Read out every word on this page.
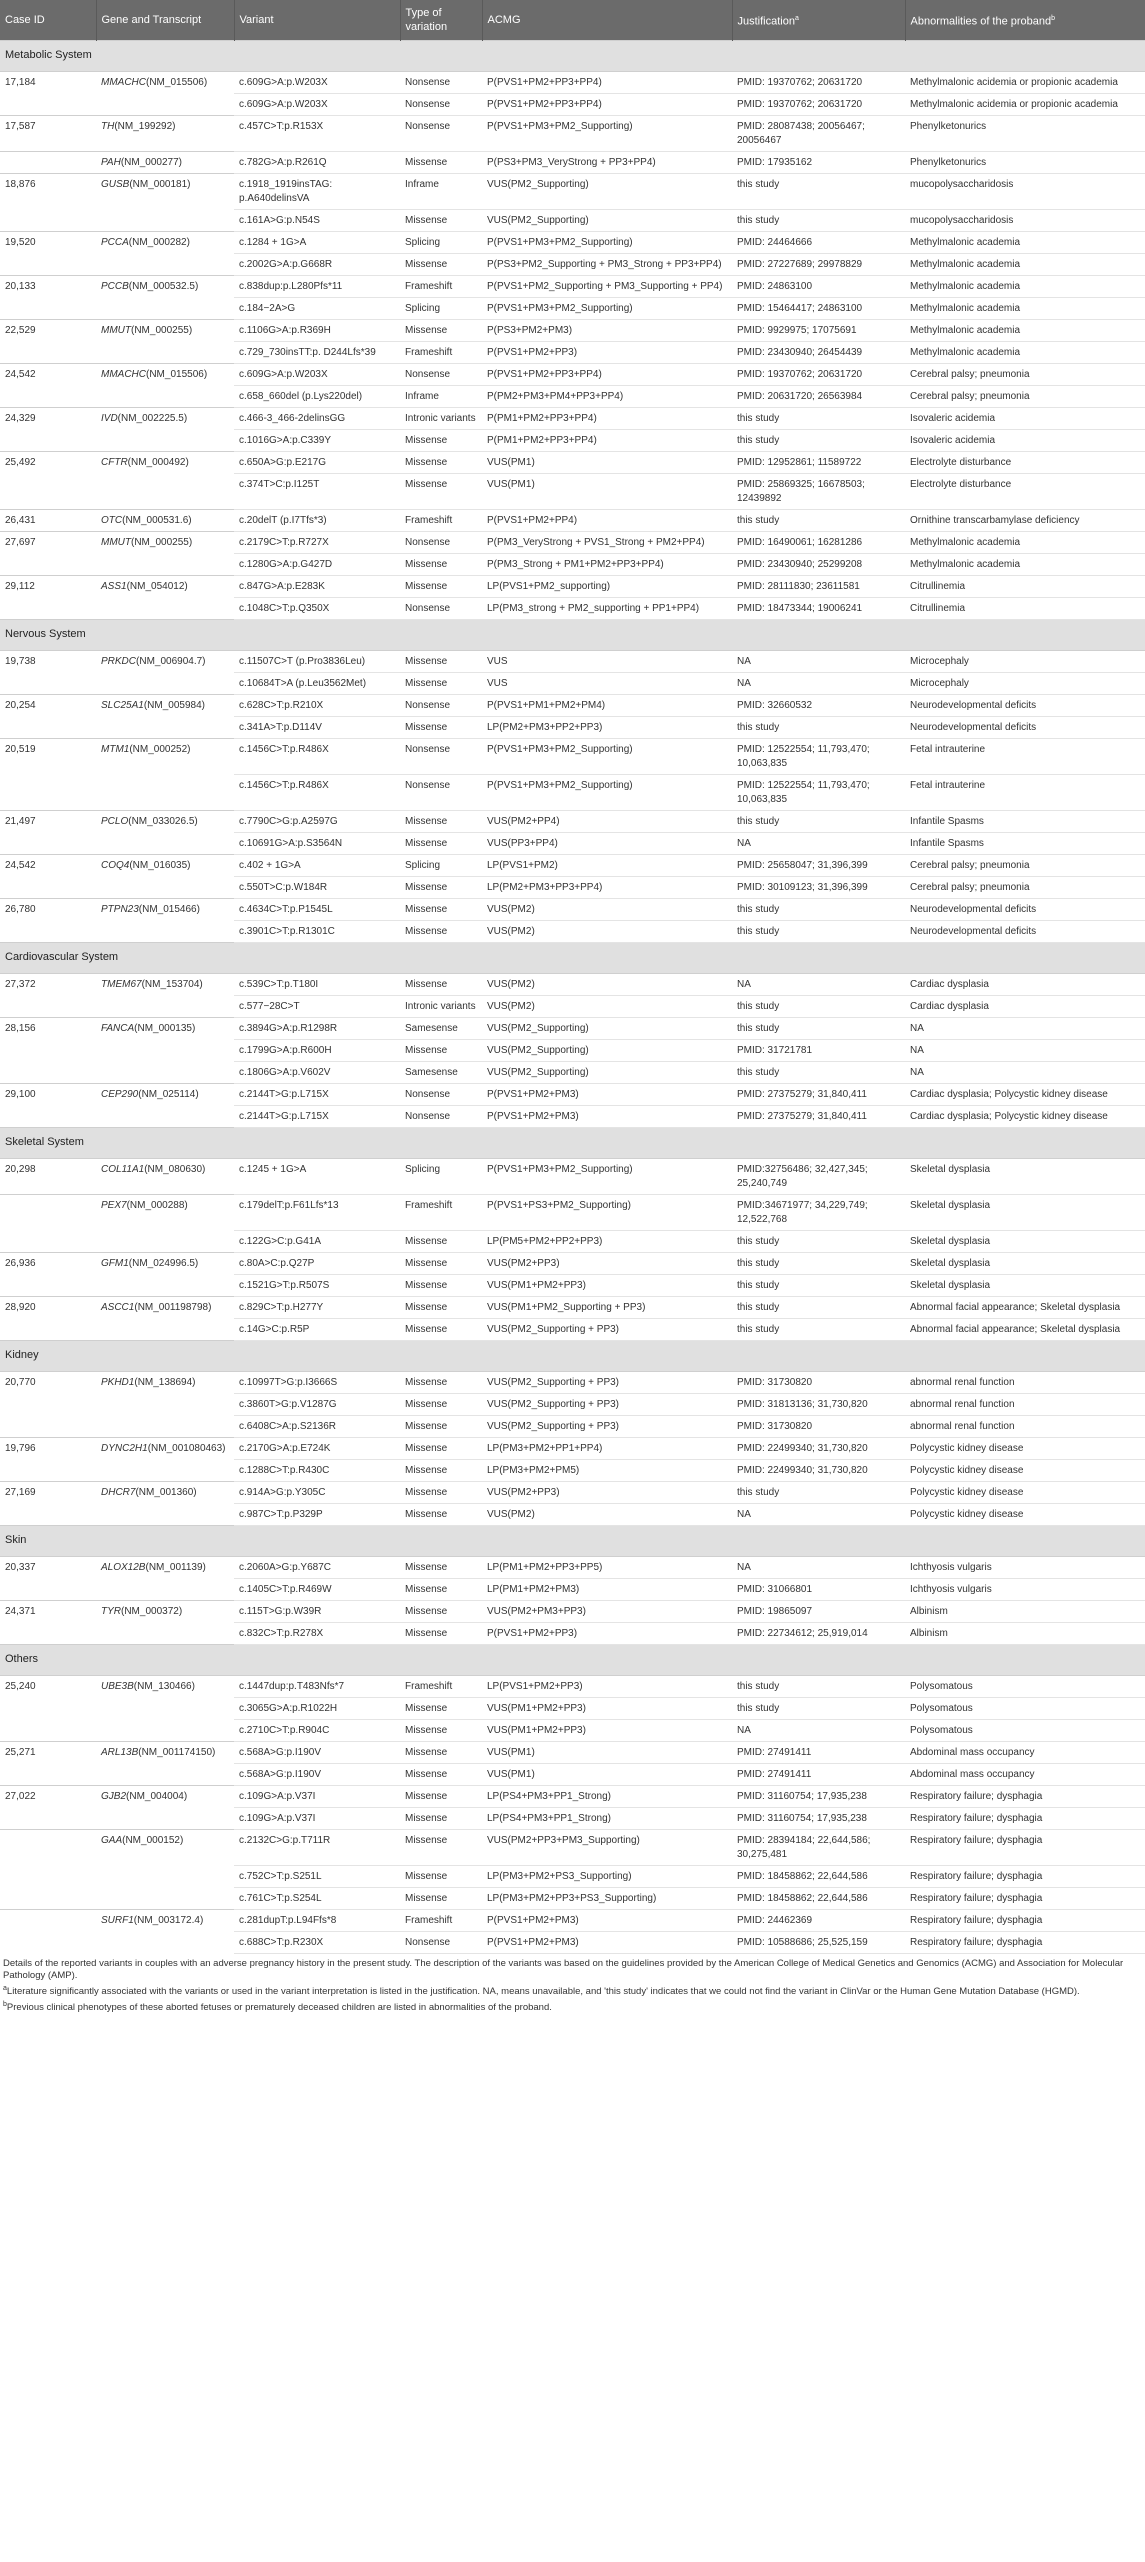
Case ID	Gene and Transcript	Variant	Type of variation	ACMG	Justification$^a$	Abnormalities of the proband$^b$
Metabolic System						
17,184	MMACHC(NM_015506)	c.609G>A:p.W203X	Nonsense	P(PVS1+PM2+PP3+PP4)	PMID: 19370762; 20631720	Methylmalonic acidemia or propionic academia
		c.609G>A:p.W203X	Nonsense	P(PVS1+PM2+PP3+PP4)	PMID: 19370762; 20631720	Methylmalonic acidemia or propionic academia
17,587	TH(NM_199292)	c.457C>T:p.R153X	Nonsense	P(PVS1+PM3+PM2_Supporting)	PMID: 28087438; 20056467; 20056467	Phenylketonurics
	PAH(NM_000277)	c.782G>A:p.R261Q	Missense	P(PS3+PM3_VeryStrong + PP3+PP4)	PMID: 17935162	Phenylketonurics
18,876	GUSB(NM_000181)	c.1918_1919insTAG: p.A640delinsVA	Inframe	VUS(PM2_Supporting)	this study	mucopolysaccharidosis
		c.161A>G:p.N54S	Missense	VUS(PM2_Supporting)	this study	mucopolysaccharidosis
19,520	PCCA(NM_000282)	c.1284 + 1G>A	Splicing	P(PVS1+PM3+PM2_Supporting)	PMID: 24464666	Methylmalonic academia
		c.2002G>A:p.G668R	Missense	P(PS3+PM2_Supporting + PM3_Strong + PP3+PP4)	PMID: 27227689; 29978829	Methylmalonic academia
20,133	PCCB(NM_000532.5)	c.838dup:p.L280Pfs*11	Frameshift	P(PVS1+PM2_Supporting + PM3_Supporting + PP4)	PMID: 24863100	Methylmalonic academia
		c.184−2A>G	Splicing	P(PVS1+PM3+PM2_Supporting)	PMID: 15464417; 24863100	Methylmalonic academia
22,529	MMUT(NM_000255)	c.1106G>A:p.R369H	Missense	P(PS3+PM2+PM3)	PMID: 9929975; 17075691	Methylmalonic academia
		c.729_730insTT:p. D244Lfs*39	Frameshift	P(PVS1+PM2+PP3)	PMID: 23430940; 26454439	Methylmalonic academia
24,542	MMACHC(NM_015506)	c.609G>A:p.W203X	Nonsense	P(PVS1+PM2+PP3+PP4)	PMID: 19370762; 20631720	Cerebral palsy; pneumonia
		c.658_660del (p.Lys220del)	Inframe	P(PM2+PM3+PM4+PP3+PP4)	PMID: 20631720; 26563984	Cerebral palsy; pneumonia
24,329	IVD(NM_002225.5)	c.466-3_466-2delinsGG	Intronic variants	P(PM1+PM2+PP3+PP4)	this study	Isovaleric acidemia
		c.1016G>A:p.C339Y	Missense	P(PM1+PM2+PP3+PP4)	this study	Isovaleric acidemia
25,492	CFTR(NM_000492)	c.650A>G:p.E217G	Missense	VUS(PM1)	PMID: 12952861; 11589722	Electrolyte disturbance
		c.374T>C:p.I125T	Missense	VUS(PM1)	PMID: 25869325; 16678503; 12439892	Electrolyte disturbance
26,431	OTC(NM_000531.6)	c.20delT (p.I7Tfs*3)	Frameshift	P(PVS1+PM2+PP4)	this study	Ornithine transcarbamylase deficiency
27,697	MMUT(NM_000255)	c.2179C>T:p.R727X	Nonsense	P(PM3_VeryStrong + PVS1_Strong + PM2+PP4)	PMID: 16490061; 16281286	Methylmalonic academia
		c.1280G>A:p.G427D	Missense	P(PM3_Strong + PM1+PM2+PP3+PP4)	PMID: 23430940; 25299208	Methylmalonic academia
29,112	ASS1(NM_054012)	c.847G>A:p.E283K	Missense	LP(PVS1+PM2_supporting)	PMID: 28111830; 23611581	Citrullinemia
		c.1048C>T:p.Q350X	Nonsense	LP(PM3_strong + PM2_supporting + PP1+PP4)	PMID: 18473344; 19006241	Citrullinemia
Nervous System						
19,738	PRKDC(NM_006904.7)	c.11507C>T (p.Pro3836Leu)	Missense	VUS	NA	Microcephaly
		c.10684T>A (p.Leu3562Met)	Missense	VUS	NA	Microcephaly
20,254	SLC25A1(NM_005984)	c.628C>T:p.R210X	Nonsense	P(PVS1+PM1+PM2+PM4)	PMID: 32660532	Neurodevelopmental deficits
		c.341A>T:p.D114V	Missense	LP(PM2+PM3+PP2+PP3)	this study	Neurodevelopmental deficits
20,519	MTM1(NM_000252)	c.1456C>T:p.R486X	Nonsense	P(PVS1+PM3+PM2_Supporting)	PMID: 12522554; 11,793,470; 10,063,835	Fetal intrauterine
		c.1456C>T:p.R486X	Nonsense	P(PVS1+PM3+PM2_Supporting)	PMID: 12522554; 11,793,470; 10,063,835	Fetal intrauterine
21,497	PCLO(NM_033026.5)	c.7790C>G:p.A2597G	Missense	VUS(PM2+PP4)	this study	Infantile Spasms
		c.10691G>A:p.S3564N	Missense	VUS(PP3+PP4)	NA	Infantile Spasms
24,542	COQ4(NM_016035)	c.402 + 1G>A	Splicing	LP(PVS1+PM2)	PMID: 25658047; 31,396,399	Cerebral palsy; pneumonia
		c.550T>C:p.W184R	Missense	LP(PM2+PM3+PP3+PP4)	PMID: 30109123; 31,396,399	Cerebral palsy; pneumonia
26,780	PTPN23(NM_015466)	c.4634C>T:p.P1545L	Missense	VUS(PM2)	this study	Neurodevelopmental deficits
		c.3901C>T:p.R1301C	Missense	VUS(PM2)	this study	Neurodevelopmental deficits
Cardiovascular System						
27,372	TMEM67(NM_153704)	c.539C>T:p.T180I	Missense	VUS(PM2)	NA	Cardiac dysplasia
		c.577−28C>T	Intronic variants	VUS(PM2)	this study	Cardiac dysplasia
28,156	FANCA(NM_000135)	c.3894G>A:p.R1298R	Samesense	VUS(PM2_Supporting)	this study	NA
		c.1799G>A:p.R600H	Missense	VUS(PM2_Supporting)	PMID: 31721781	NA
		c.1806G>A:p.V602V	Samesense	VUS(PM2_Supporting)	this study	NA
29,100	CEP290(NM_025114)	c.2144T>G:p.L715X	Nonsense	P(PVS1+PM2+PM3)	PMID: 27375279; 31,840,411	Cardiac dysplasia; Polycystic kidney disease
		c.2144T>G:p.L715X	Nonsense	P(PVS1+PM2+PM3)	PMID: 27375279; 31,840,411	Cardiac dysplasia; Polycystic kidney disease
Skeletal System						
20,298	COL11A1(NM_080630)	c.1245 + 1G>A	Splicing	P(PVS1+PM3+PM2_Supporting)	PMID:32756486; 32,427,345; 25,240,749	Skeletal dysplasia
	PEX7(NM_000288)	c.179delT:p.F61Lfs*13	Frameshift	P(PVS1+PS3+PM2_Supporting)	PMID:34671977; 34,229,749; 12,522,768	Skeletal dysplasia
		c.122G>C:p.G41A	Missense	LP(PM5+PM2+PP2+PP3)	this study	Skeletal dysplasia
26,936	GFM1(NM_024996.5)	c.80A>C:p.Q27P	Missense	VUS(PM2+PP3)	this study	Skeletal dysplasia
		c.1521G>T:p.R507S	Missense	VUS(PM1+PM2+PP3)	this study	Skeletal dysplasia
28,920	ASCC1(NM_001198798)	c.829C>T:p.H277Y	Missense	VUS(PM1+PM2_Supporting + PP3)	this study	Abnormal facial appearance; Skeletal dysplasia
		c.14G>C:p.R5P	Missense	VUS(PM2_Supporting + PP3)	this study	Abnormal facial appearance; Skeletal dysplasia
Kidney						
20,770	PKHD1(NM_138694)	c.10997T>G:p.I3666S	Missense	VUS(PM2_Supporting + PP3)	PMID: 31730820	abnormal renal function
		c.3860T>G:p.V1287G	Missense	VUS(PM2_Supporting + PP3)	PMID: 31813136; 31,730,820	abnormal renal function
		c.6408C>A:p.S2136R	Missense	VUS(PM2_Supporting + PP3)	PMID: 31730820	abnormal renal function
19,796	DYNC2H1(NM_001080463)	c.2170G>A:p.E724K	Missense	LP(PM3+PM2+PP1+PP4)	PMID: 22499340; 31,730,820	Polycystic kidney disease
		c.1288C>T:p.R430C	Missense	LP(PM3+PM2+PM5)	PMID: 22499340; 31,730,820	Polycystic kidney disease
27,169	DHCR7(NM_001360)	c.914A>G:p.Y305C	Missense	VUS(PM2+PP3)	this study	Polycystic kidney disease
		c.987C>T:p.P329P	Missense	VUS(PM2)	NA	Polycystic kidney disease
Skin						
20,337	ALOX12B(NM_001139)	c.2060A>G:p.Y687C	Missense	LP(PM1+PM2+PP3+PP5)	NA	Ichthyosis vulgaris
		c.1405C>T:p.R469W	Missense	LP(PM1+PM2+PM3)	PMID: 31066801	Ichthyosis vulgaris
24,371	TYR(NM_000372)	c.115T>G:p.W39R	Missense	VUS(PM2+PM3+PP3)	PMID: 19865097	Albinism
		c.832C>T:p.R278X	Missense	P(PVS1+PM2+PP3)	PMID: 22734612; 25,919,014	Albinism
Others						
25,240	UBE3B(NM_130466)	c.1447dup:p.T483Nfs*7	Frameshift	LP(PVS1+PM2+PP3)	this study	Polysomatous
		c.3065G>A:p.R1022H	Missense	VUS(PM1+PM2+PP3)	this study	Polysomatous
		c.2710C>T:p.R904C	Missense	VUS(PM1+PM2+PP3)	NA	Polysomatous
25,271	ARL13B(NM_001174150)	c.568A>G:p.I190V	Missense	VUS(PM1)	PMID: 27491411	Abdominal mass occupancy
		c.568A>G:p.I190V	Missense	VUS(PM1)	PMID: 27491411	Abdominal mass occupancy
27,022	GJB2(NM_004004)	c.109G>A:p.V37I	Missense	LP(PS4+PM3+PP1_Strong)	PMID: 31160754; 17,935,238	Respiratory failure; dysphagia
		c.109G>A:p.V37I	Missense	LP(PS4+PM3+PP1_Strong)	PMID: 31160754; 17,935,238	Respiratory failure; dysphagia
	GAA(NM_000152)	c.2132C>G:p.T711R	Missense	VUS(PM2+PP3+PM3_Supporting)	PMID: 28394184; 22,644,586; 30,275,481	Respiratory failure; dysphagia
		c.752C>T:p.S251L	Missense	LP(PM3+PM2+PS3_Supporting)	PMID: 18458862; 22,644,586	Respiratory failure; dysphagia
		c.761C>T:p.S254L	Missense	LP(PM3+PM2+PP3+PS3_Supporting)	PMID: 18458862; 22,644,586	Respiratory failure; dysphagia
	SURF1(NM_003172.4)	c.281dupT:p.L94Ffs*8	Frameshift	P(PVS1+PM2+PM3)	PMID: 24462369	Respiratory failure; dysphagia
		c.688C>T:p.R230X	Nonsense	P(PVS1+PM2+PM3)	PMID: 10588686; 25,525,159	Respiratory failure; dysphagia

Details of the reported variants in couples with an adverse pregnancy history in the present study. The description of the variants was based on the guidelines provided by the American College of Medical Genetics and Genomics (ACMG) and Association for Molecular Pathology (AMP).

$^a$Literature significantly associated with the variants or used in the variant interpretation is listed in the justification. NA, means unavailable, and 'this study' indicates that we could not find the variant in ClinVar or the Human Gene Mutation Database (HGMD).

$^b$Previous clinical phenotypes of these aborted fetuses or prematurely deceased children are listed in abnormalities of the proband.
